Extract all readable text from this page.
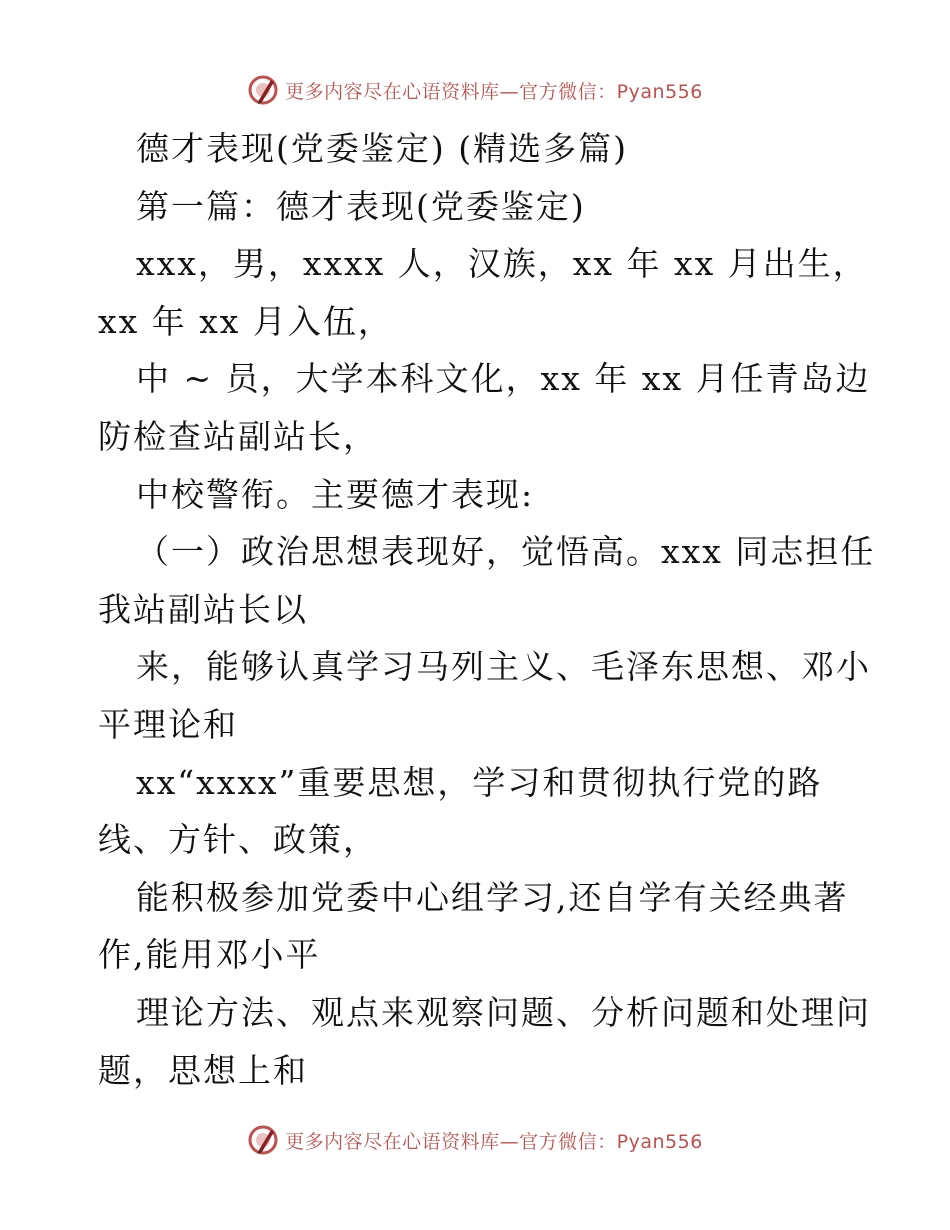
更多内容尽在心语资料库—官方微信：Pyan556
德才表现(党委鉴定) (精选多篇)
第一篇：德才表现(党委鉴定)
xxx，男，xxxx 人，汉族，xx 年 xx 月出生，
xx 年 xx 月入伍，
中 ~ 员，大学本科文化，xx 年 xx 月任青岛边
防检查站副站长，
中校警衔。主要德才表现:
（一）政治思想表现好，觉悟高。xxx 同志担任
我站副站长以
来，能够认真学习马列主义、毛泽东思想、邓小
平理论和
xx“xxxx”重要思想，学习和贯彻执行党的路
线、方针、政策，
能积极参加党委中心组学习,还自学有关经典著
作,能用邓小平
理论方法、观点来观察问题、分析问题和处理问
题，思想上和
更多内容尽在心语资料库—官方微信：Pyan556
